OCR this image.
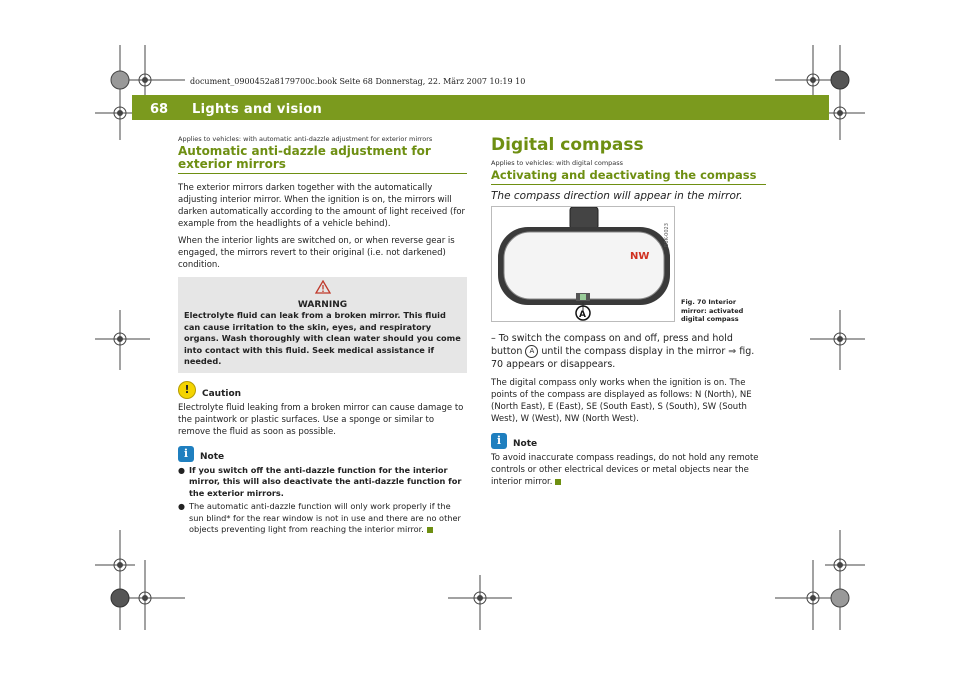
document_0900452a8179700c.book Seite 68 Donnerstag, 22. März 2007 10:19 10
68 Lights and vision
Applies to vehicles: with automatic anti-dazzle adjustment for exterior mirrors
Automatic anti-dazzle adjustment for exterior mirrors

The exterior mirrors darken together with the automatically adjusting interior mirror. When the ignition is on, the mirrors will darken automatically according to the amount of light received (for example from the headlights of a vehicle behind).

When the interior lights are switched on, or when reverse gear is engaged, the mirrors revert to their original (i.e. not darkened) condition.

WARNING
Electrolyte fluid can leak from a broken mirror. This fluid can cause irritation to the skin, eyes, and respiratory organs. Wash thoroughly with clean water should you come into contact with this fluid. Seek medical assistance if needed.
!	Caution

Electrolyte fluid leaking from a broken mirror can cause damage to the paintwork or plastic surfaces. Use a sponge or similar to remove the fluid as soon as possible.

i	Note
● If you switch off the anti-dazzle function for the interior mirror, this will also deactivate the anti-dazzle function for the exterior mirrors.
● The automatic anti-dazzle function will only work properly if the sun blind* for the rear window is not in use and there are no other objects preventing light from reaching the interior mirror.
Digital compass
Applies to vehicles: with digital compass
Activating and deactivating the compass
The compass direction will appear in the mirror.
NW
A
B8K-0023
Fig. 70 Interior mirror: activated digital compass
– To switch the compass on and off, press and hold button A until the compass display in the mirror ⇒ fig. 70 appears or disappears.

The digital compass only works when the ignition is on. The points of the compass are displayed as follows: N (North), NE (North East), E (East), SE (South East), S (South), SW (South West), W (West), NW (North West).

i	Note

To avoid inaccurate compass readings, do not hold any remote controls or other electrical devices or metal objects near the interior mirror.
